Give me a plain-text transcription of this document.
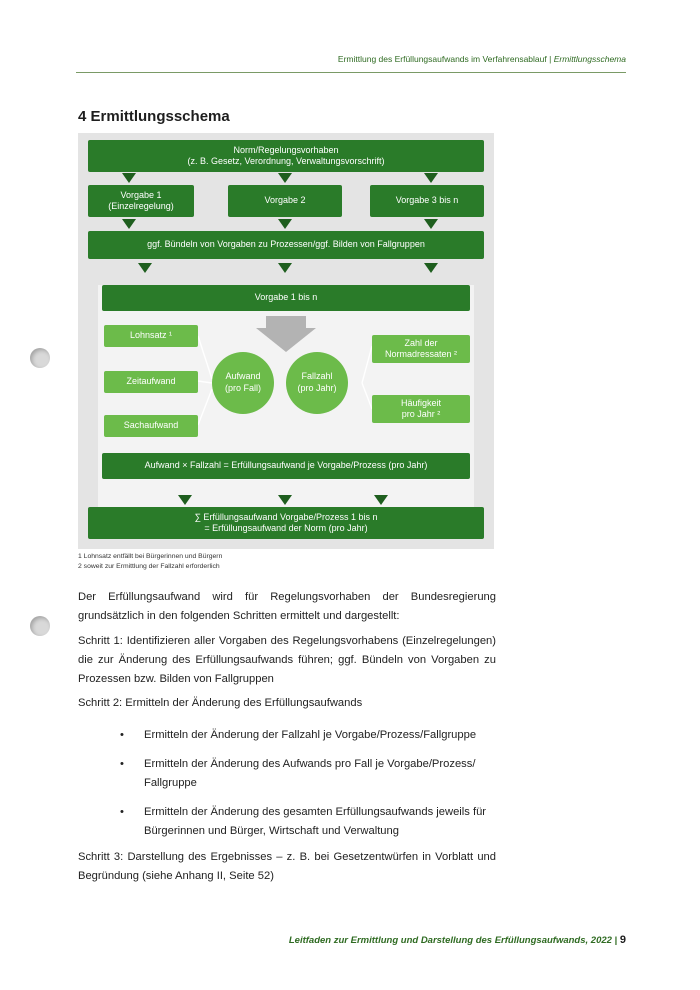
Ermittlung des Erfüllungsaufwands im Verfahrensablauf | Ermittlungsschema
4 Ermittlungsschema
Norm/Regelungsvorhaben
(z. B. Gesetz, Verordnung, Verwaltungsvorschrift)
Vorgabe 1
(Einzelregelung)
Vorgabe 2	Vorgabe 3 bis n
ggf. Bündeln von Vorgaben zu Prozessen/ggf. Bilden von Fallgruppen
Vorgabe 1 bis n
Lohnsatz ¹
Zeitaufwand
Sachaufwand
Aufwand
(pro Fall)
Fallzahl
(pro Jahr)
Zahl der
Normadressaten ²
Häufigkeit
pro Jahr ²
Aufwand × Fallzahl = Erfüllungsaufwand je Vorgabe/Prozess (pro Jahr)
∑ Erfüllungsaufwand Vorgabe/Prozess 1 bis n
= Erfüllungsaufwand der Norm (pro Jahr)
1 Lohnsatz entfällt bei Bürgerinnen und Bürgern
2 soweit zur Ermittlung der Fallzahl erforderlich
Der Erfüllungsaufwand wird für Regelungsvorhaben der Bundesregierung grundsätzlich in den folgenden Schritten ermittelt und dargestellt:
Schritt 1: Identifizieren aller Vorgaben des Regelungsvorhabens (Einzelregelungen) die zur Änderung des Erfüllungsaufwands führen; ggf. Bündeln von Vorgaben zu Prozessen bzw. Bilden von Fallgruppen
Schritt 2: Ermitteln der Änderung des Erfüllungsaufwands
• Ermitteln der Änderung der Fallzahl je Vorgabe/Prozess/Fallgruppe
• Ermitteln der Änderung des Aufwands pro Fall je Vorgabe/Prozess/ Fallgruppe
• Ermitteln der Änderung des gesamten Erfüllungsaufwands jeweils für Bürgerinnen und Bürger, Wirtschaft und Verwaltung
Schritt 3: Darstellung des Ergebnisses – z. B. bei Gesetzentwürfen in Vorblatt und Begründung (siehe Anhang II, Seite 52)
Leitfaden zur Ermittlung und Darstellung des Erfüllungsaufwands, 2022 | 9
